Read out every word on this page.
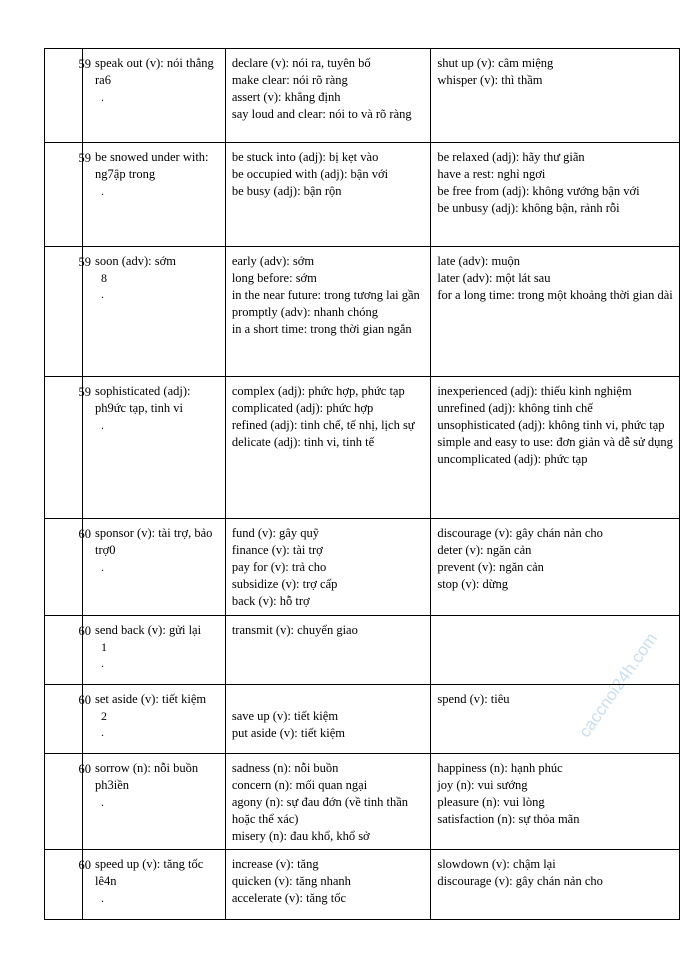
caccnoi24h.com
59	speak out (v): nói thẳng ra6
.	declare (v): nói ra, tuyên bố
make clear: nói rõ ràng
assert (v): khẳng định
say loud and clear: nói to và rõ ràng	shut up (v): câm miệng
whisper (v): thì thầm

59	be snowed under with: ng7ập trong
.	be stuck into (adj): bị kẹt vào
be occupied with (adj): bận với
be busy (adj): bận rộn	be relaxed (adj): hãy thư giãn
have a rest: nghỉ ngơi
be free from (adj): không vướng bận với
be unbusy (adj): không bận, rảnh rỗi

59	soon (adv): sớm
8
.	early (adv): sớm
long before: sớm
in the near future: trong tương lai gần
promptly (adv): nhanh chóng
in a short time: trong thời gian ngắn	late (adv): muộn
later (adv): một lát sau
for a long time: trong một khoảng thời gian dài

59	sophisticated (adj): ph9ức tạp, tinh vi
.	complex (adj): phức hợp, phức tạp
complicated (adj): phức hợp
refined (adj): tinh chế, tế nhị, lịch sự
delicate (adj): tinh vi, tinh tế	inexperienced (adj): thiếu kinh nghiệm
unrefined (adj): không tinh chế
unsophisticated (adj): không tinh vi, phức tạp
simple and easy to use: đơn giản và dễ sử dụng
uncomplicated (adj): phức tạp

60	sponsor (v): tài trợ, bảo trợ0
.	fund (v): gây quỹ
finance (v): tài trợ
pay for (v): trả cho
subsidize (v): trợ cấp
back (v): hỗ trợ	discourage (v): gây chán nản cho
deter (v): ngăn cản
prevent (v): ngăn cản
stop (v): dừng

60	send back (v): gửi lại
1
.	transmit (v): chuyển giao	

60	set aside (v): tiết kiệm
2
.	save up (v): tiết kiệm
put aside (v): tiết kiệm	spend (v): tiêu

60	sorrow (n): nỗi buồn ph3iền
.	sadness (n): nỗi buồn
concern (n): mối quan ngại
agony (n): sự đau đớn (về tinh thần hoặc thể xác)
misery (n): đau khổ, khổ sở	happiness (n): hạnh phúc
joy (n): vui sướng
pleasure (n): vui lòng
satisfaction (n): sự thỏa mãn

60	speed up (v): tăng tốc lê4n
.	increase (v): tăng
quicken (v): tăng nhanh
accelerate (v): tăng tốc	slowdown (v): chậm lại
discourage (v): gây chán nản cho
